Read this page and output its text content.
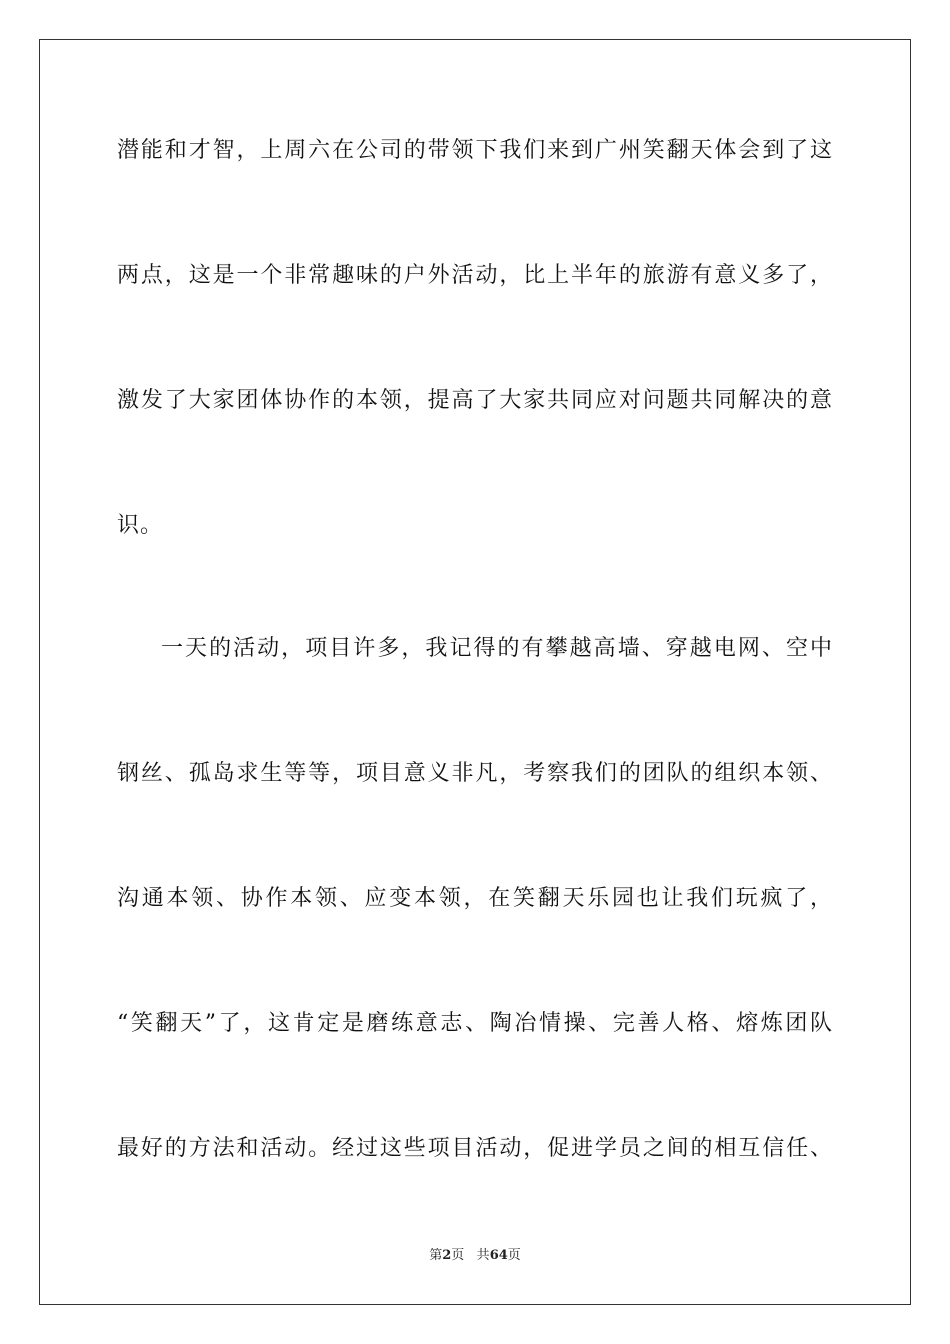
潜能和才智，上周六在公司的带领下我们来到广州笑翻天体会到了这
两点，这是一个非常趣味的户外活动，比上半年的旅游有意义多了，
激发了大家团体协作的本领，提高了大家共同应对问题共同解决的意
识。
一天的活动，项目许多，我记得的有攀越高墙、穿越电网、空中
钢丝、孤岛求生等等，项目意义非凡，考察我们的团队的组织本领、
沟通本领、协作本领、应变本领，在笑翻天乐园也让我们玩疯了，
“笑翻天”了，这肯定是磨练意志、陶冶情操、完善人格、熔炼团队
最好的方法和活动。经过这些项目活动，促进学员之间的相互信任、
第2页 共64页
